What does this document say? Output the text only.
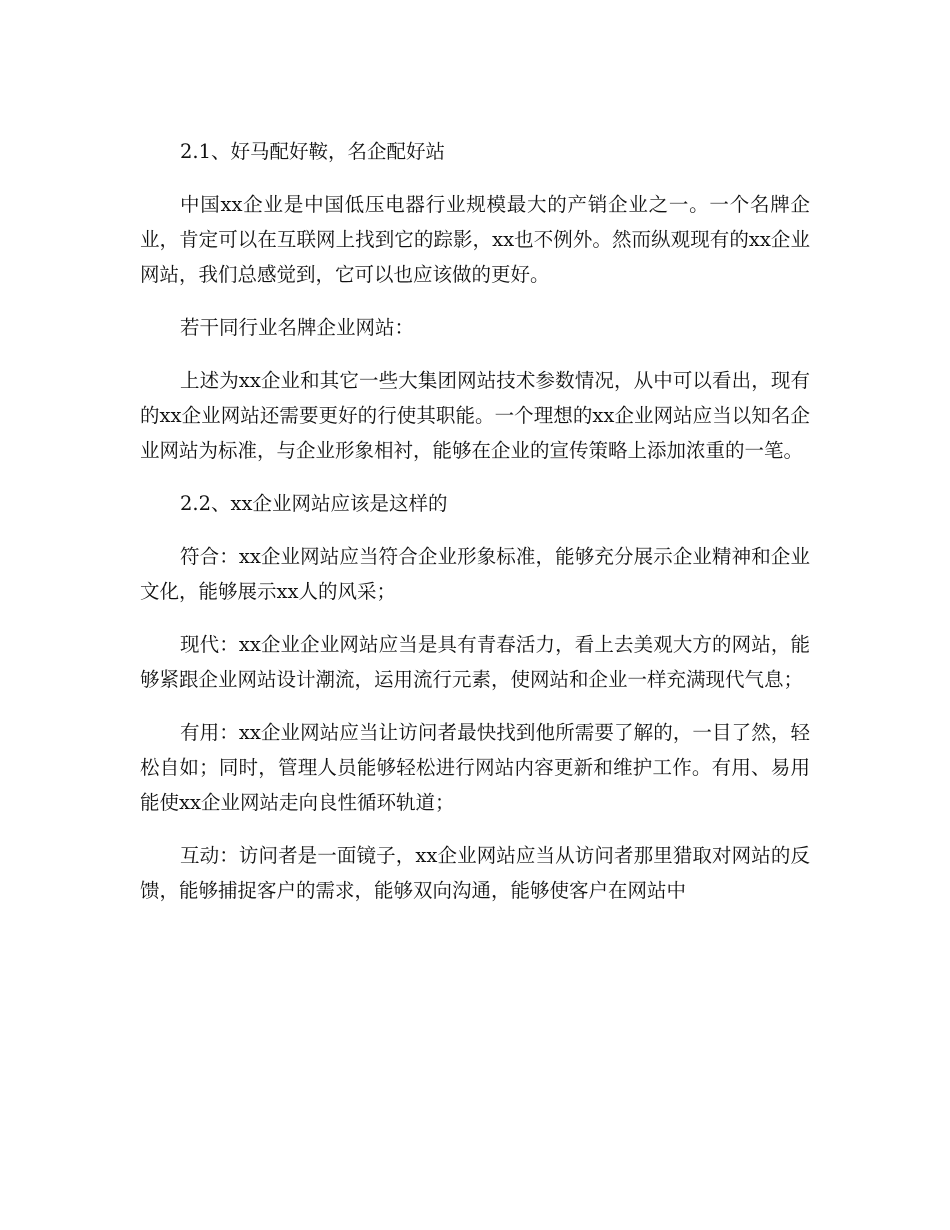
2.1、好马配好鞍，名企配好站

中国xx企业是中国低压电器行业规模最大的产销企业之一。一个名牌企业，肯定可以在互联网上找到它的踪影，xx也不例外。然而纵观现有的xx企业网站，我们总感觉到，它可以也应该做的更好。

若干同行业名牌企业网站：

上述为xx企业和其它一些大集团网站技术参数情况，从中可以看出，现有的xx企业网站还需要更好的行使其职能。一个理想的xx企业网站应当以知名企业网站为标准，与企业形象相衬，能够在企业的宣传策略上添加浓重的一笔。

2.2、xx企业网站应该是这样的

符合：xx企业网站应当符合企业形象标准，能够充分展示企业精神和企业文化，能够展示xx人的风采；

现代：xx企业企业网站应当是具有青春活力，看上去美观大方的网站，能够紧跟企业网站设计潮流，运用流行元素，使网站和企业一样充满现代气息；

有用：xx企业网站应当让访问者最快找到他所需要了解的，一目了然，轻松自如；同时，管理人员能够轻松进行网站内容更新和维护工作。有用、易用能使xx企业网站走向良性循环轨道；

互动：访问者是一面镜子，xx企业网站应当从访问者那里猎取对网站的反馈，能够捕捉客户的需求，能够双向沟通，能够使客户在网站中
